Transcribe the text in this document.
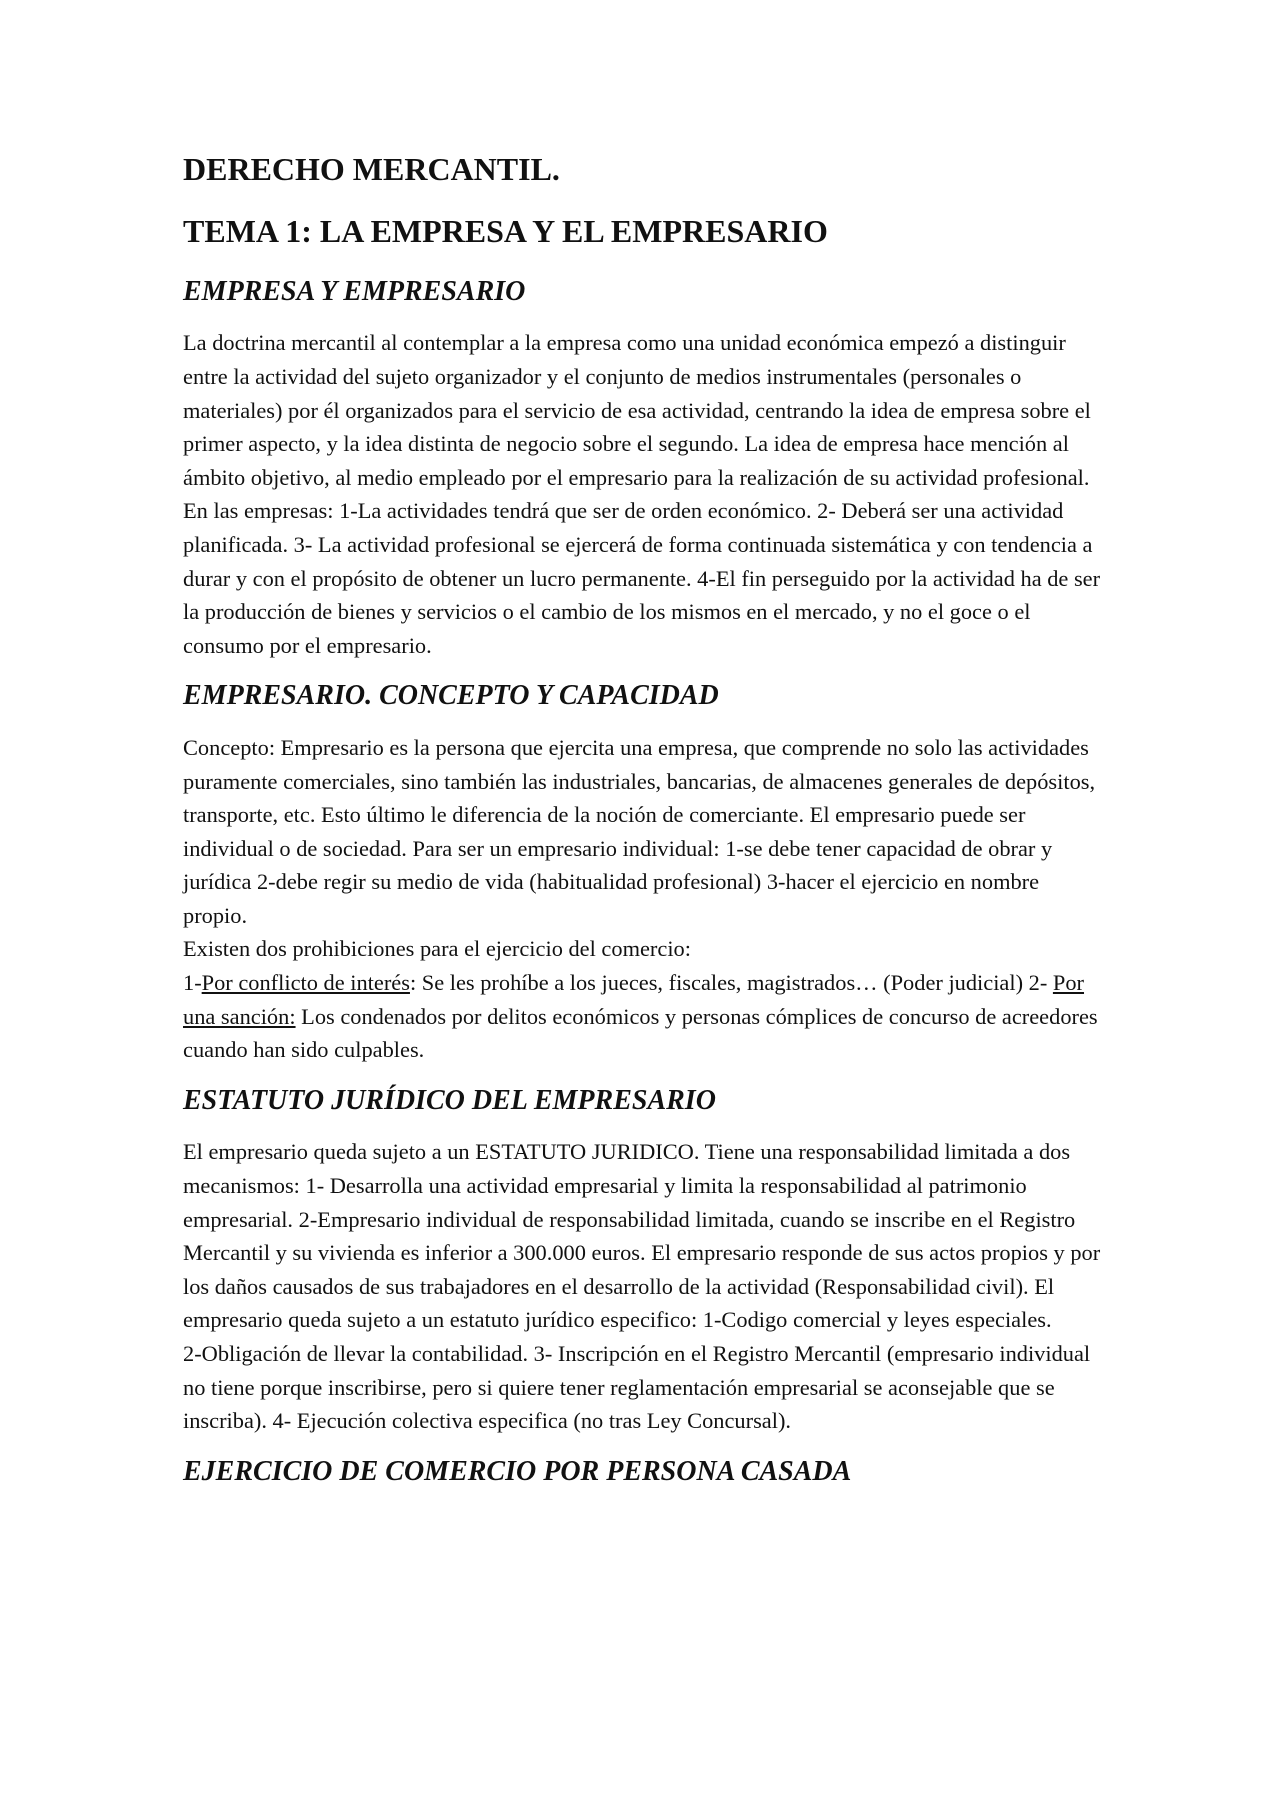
DERECHO MERCANTIL.
TEMA 1: LA EMPRESA Y EL EMPRESARIO
EMPRESA Y EMPRESARIO

La doctrina mercantil al contemplar a la empresa como una unidad económica empezó a distinguir entre la actividad del sujeto organizador y el conjunto de medios instrumentales (personales o materiales) por él organizados para el servicio de esa actividad, centrando la idea de empresa sobre el primer aspecto, y la idea distinta de negocio sobre el segundo. La idea de empresa hace mención al ámbito objetivo, al medio empleado por el empresario para la realización de su actividad profesional. En las empresas: 1-La actividades tendrá que ser de orden económico. 2- Deberá ser una actividad planificada. 3- La actividad profesional se ejercerá de forma continuada sistemática y con tendencia a durar y con el propósito de obtener un lucro permanente. 4-El fin perseguido por la actividad ha de ser la producción de bienes y servicios o el cambio de los mismos en el mercado, y no el goce o el consumo por el empresario.

EMPRESARIO. CONCEPTO Y CAPACIDAD

Concepto: Empresario es la persona que ejercita una empresa, que comprende no solo las actividades puramente comerciales, sino también las industriales, bancarias, de almacenes generales de depósitos, transporte, etc. Esto último le diferencia de la noción de comerciante. El empresario puede ser individual o de sociedad. Para ser un empresario individual: 1-se debe tener capacidad de obrar y jurídica 2-debe regir su medio de vida (habitualidad profesional) 3-hacer el ejercicio en nombre propio.
Existen dos prohibiciones para el ejercicio del comercio:
1-Por conflicto de interés: Se les prohíbe a los jueces, fiscales, magistrados… (Poder judicial) 2- Por una sanción: Los condenados por delitos económicos y personas cómplices de concurso de acreedores cuando han sido culpables.

ESTATUTO JURÍDICO DEL EMPRESARIO

El empresario queda sujeto a un ESTATUTO JURIDICO. Tiene una responsabilidad limitada a dos mecanismos: 1- Desarrolla una actividad empresarial y limita la responsabilidad al patrimonio empresarial. 2-Empresario individual de responsabilidad limitada, cuando se inscribe en el Registro Mercantil y su vivienda es inferior a 300.000 euros. El empresario responde de sus actos propios y por los daños causados de sus trabajadores en el desarrollo de la actividad (Responsabilidad civil). El empresario queda sujeto a un estatuto jurídico especifico: 1-Codigo comercial y leyes especiales.
2-Obligación de llevar la contabilidad. 3- Inscripción en el Registro Mercantil (empresario individual no tiene porque inscribirse, pero si quiere tener reglamentación empresarial se aconsejable que se inscriba). 4- Ejecución colectiva especifica (no tras Ley Concursal).

EJERCICIO DE COMERCIO POR PERSONA CASADA
